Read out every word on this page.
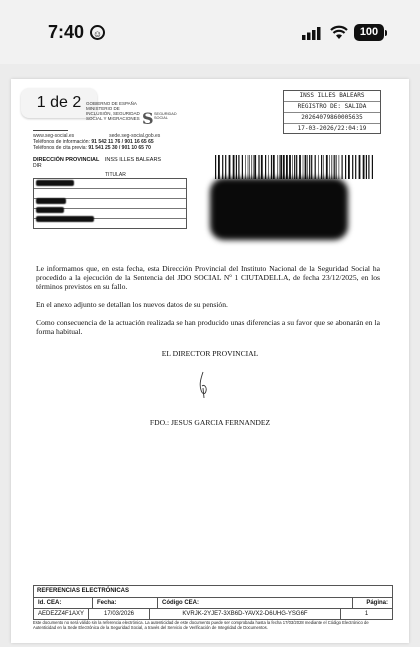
7:40 ☺	100
1 de 2	GOBIERNO DE ESPAÑA
MINISTERIO DE INCLUSIÓN, SEGURIDAD SOCIAL Y MIGRACIONES S SEGURIDAD SOCIAL
INSS ILLES BALEARS
REGISTRO DE: SALIDA
20264079860005635
17-03-2026/22:04:19
www.seg-social.es	sede.seg-social.gob.es
Teléfonos de información: 91 542 11 76 / 901 16 65 65
Teléfonos de cita previa: 91 541 25 30 / 901 10 65 70
DIRECCIÓN PROVINCIAL INSS ILLES BALEARS
DIR
TITULAR
Le informamos que, en esta fecha, esta Dirección Provincial del Instituto Nacional de la Seguridad Social ha procedido a la ejecución de la Sentencia del JDO SOCIAL Nº 1 CIUTADELLA, de fecha 23/12/2025, en los términos previstos en su fallo.
En el anexo adjunto se detallan los nuevos datos de su pensión.
Como consecuencia de la actuación realizada se han producido unas diferencias a su favor que se abonarán en la forma habitual.
EL DIRECTOR PROVINCIAL
FDO.: JESUS GARCIA FERNANDEZ
REFERENCIAS ELECTRÓNICAS
Id. CEA:	Fecha:	Código CEA:	Página:
AEDEZZ4F1AXY	17/03/2026	KVRJK-2YJE7-3XB6D-YAVX2-D6UHG-YSG6F	1
Este documento no será válido sin la referencia electrónica. La autenticidad de este documento puede ser comprobada hasta la fecha 17/03/2028 mediante el Código Electrónico de Autenticidad en la Sede Electrónica de la Seguridad Social, a través del Servicio de Verificación de Integridad de Documentos.
